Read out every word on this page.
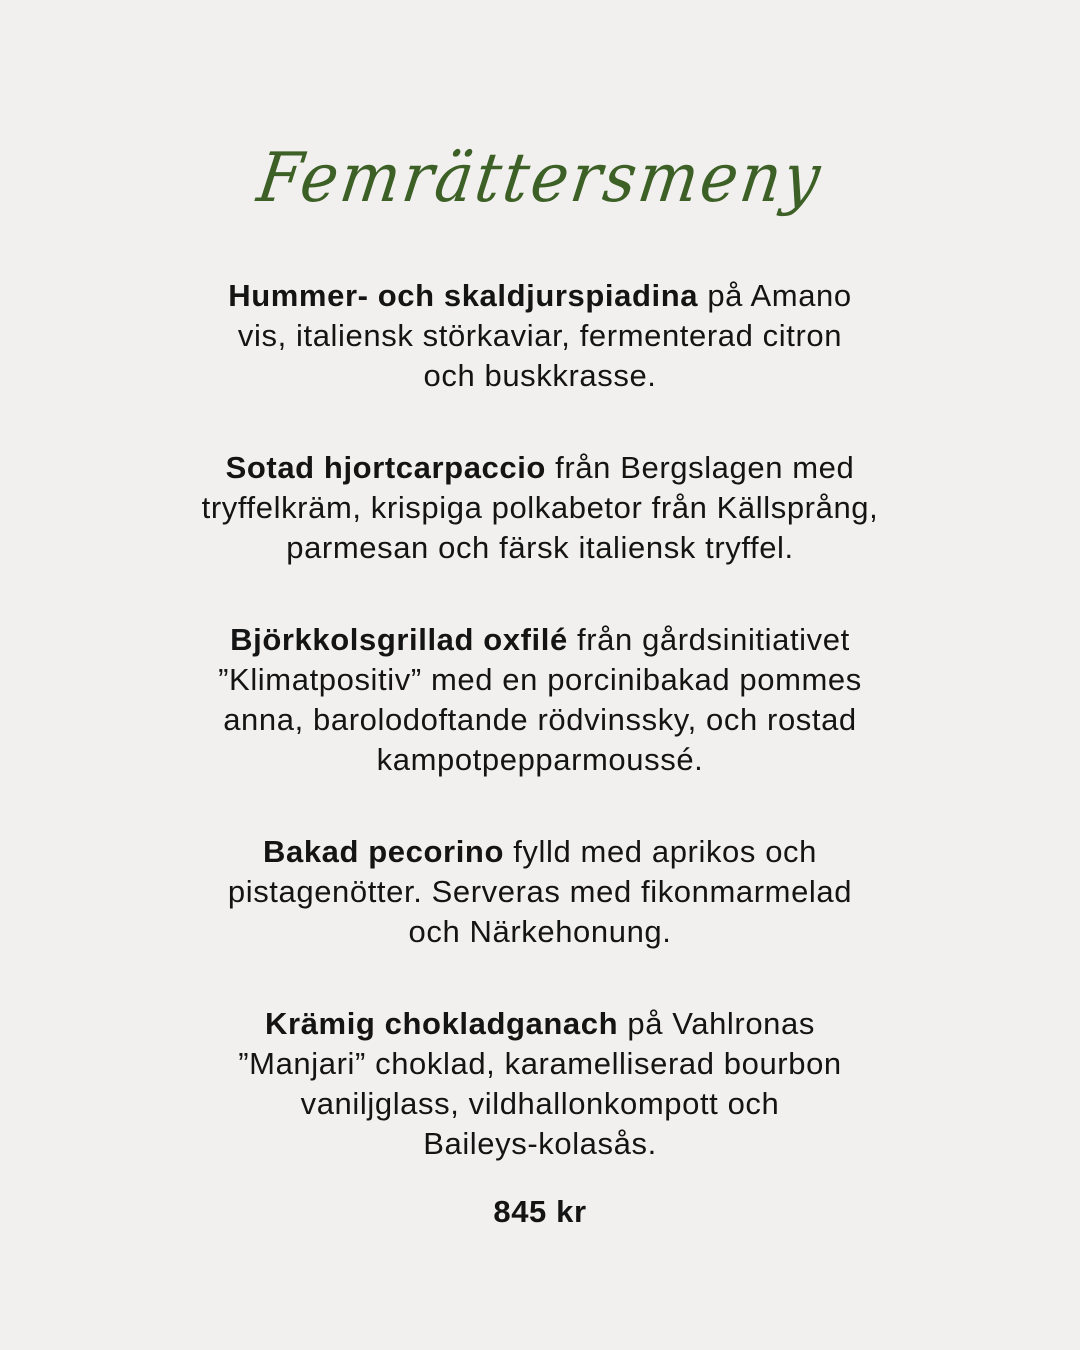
Femrättersmeny

Hummer- och skaldjurspiadina på Amano
vis, italiensk störkaviar, fermenterad citron
och buskkrasse.

Sotad hjortcarpaccio från Bergslagen med
tryffelkräm, krispiga polkabetor från Källsprång,
parmesan och färsk italiensk tryffel.

Björkkolsgrillad oxfilé från gårdsinitiativet
”Klimatpositiv” med en porcinibakad pommes
anna, barolodoftande rödvinssky, och rostad
kampotpepparmoussé.

Bakad pecorino fylld med aprikos och
pistagenötter. Serveras med fikonmarmelad
och Närkehonung.

Krämig chokladganach på Vahlronas
”Manjari” choklad, karamelliserad bourbon
vaniljglass, vildhallonkompott och
Baileys-kolasås.

845 kr
